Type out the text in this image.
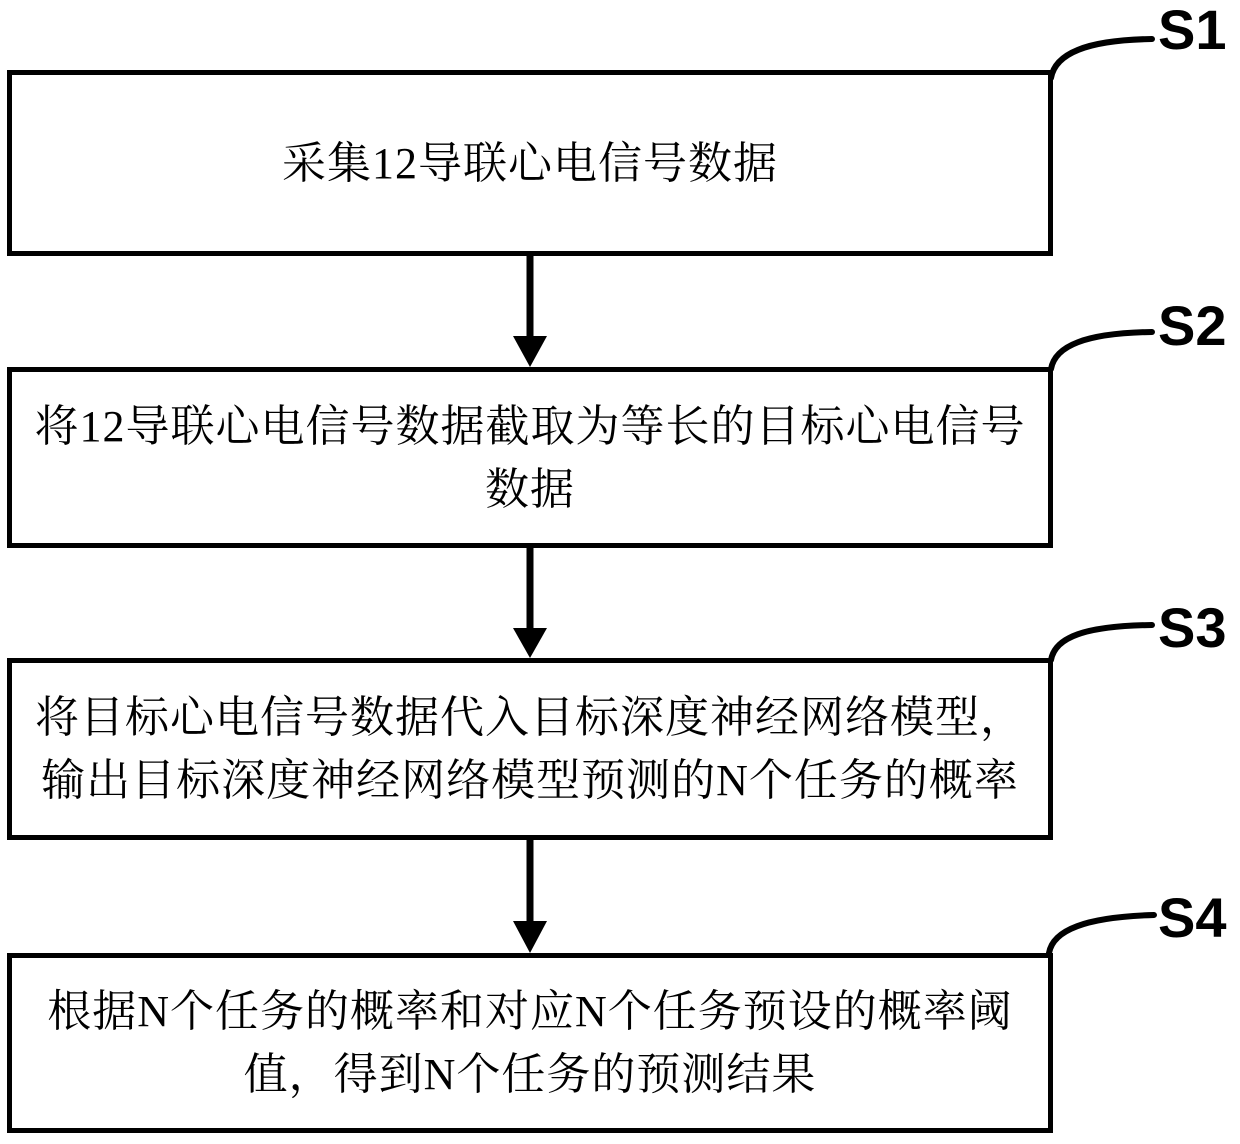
采集12导联心电信号数据
将12导联心电信号数据截取为等长的目标心电信号
数据
将目标心电信号数据代入目标深度神经网络模型，
输出目标深度神经网络模型预测的N个任务的概率
根据N个任务的概率和对应N个任务预设的概率阈
值，得到N个任务的预测结果
S1
S2
S3
S4
